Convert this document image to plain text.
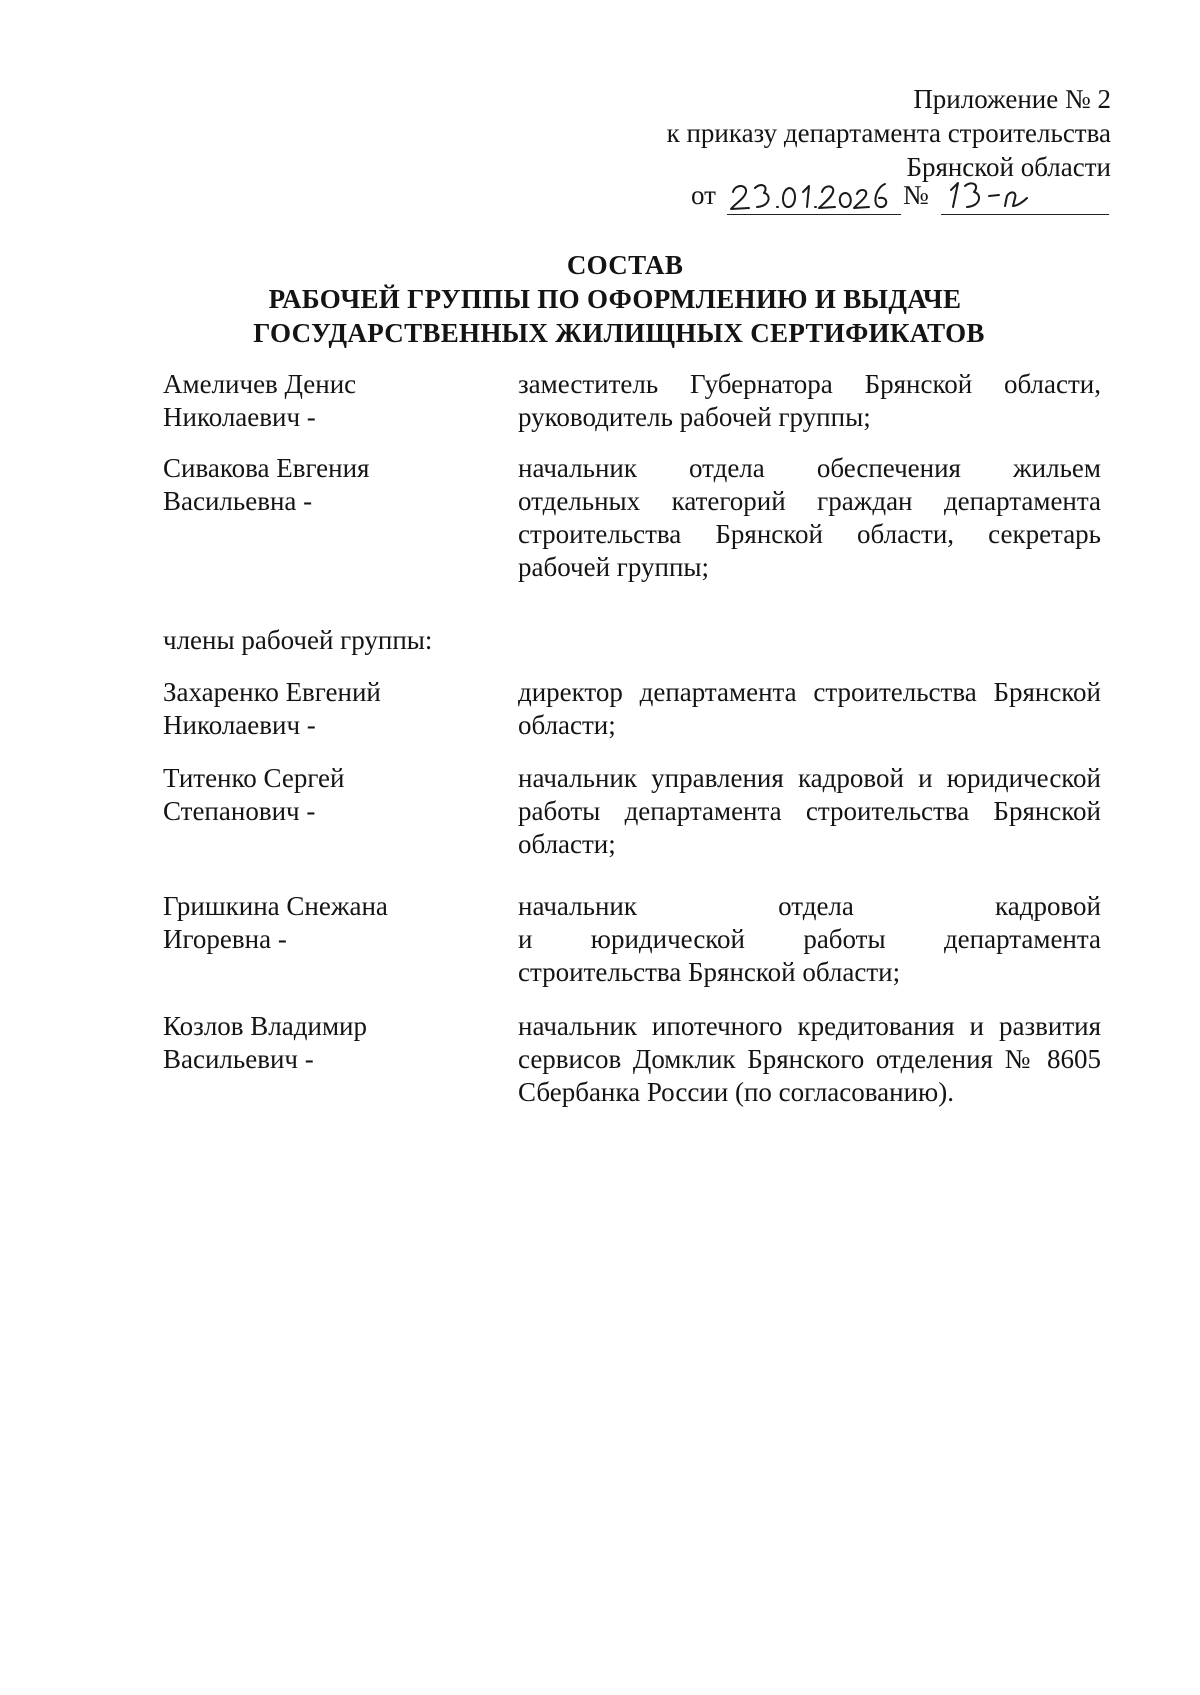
Приложение № 2
к приказу департамента строительства
Брянской области
от	№
СОСТАВ
РАБОЧЕЙ ГРУППЫ ПО ОФОРМЛЕНИЮ И ВЫДАЧЕ
ГОСУДАРСТВЕННЫХ ЖИЛИЩНЫХ СЕРТИФИКАТОВ
Амеличев Денис
Николаевич -
заместитель Губернатора Брянской области,
руководитель рабочей группы;
Сивакова Евгения
Васильевна -
начальник отдела обеспечения жильем
отдельных категорий граждан департамента
строительства Брянской области, секретарь
рабочей группы;
члены рабочей группы:
Захаренко Евгений
Николаевич -
директор департамента строительства Брянской
области;
Титенко Сергей
Степанович -
начальник управления кадровой и юридической
работы департамента строительства Брянской
области;
Гришкина Снежана
Игоревна -
начальник отдела кадровой
и юридической работы департамента
строительства Брянской области;
Козлов Владимир
Васильевич -
начальник ипотечного кредитования и развития
сервисов Домклик Брянского отделения № 8605
Сбербанка России (по согласованию).
